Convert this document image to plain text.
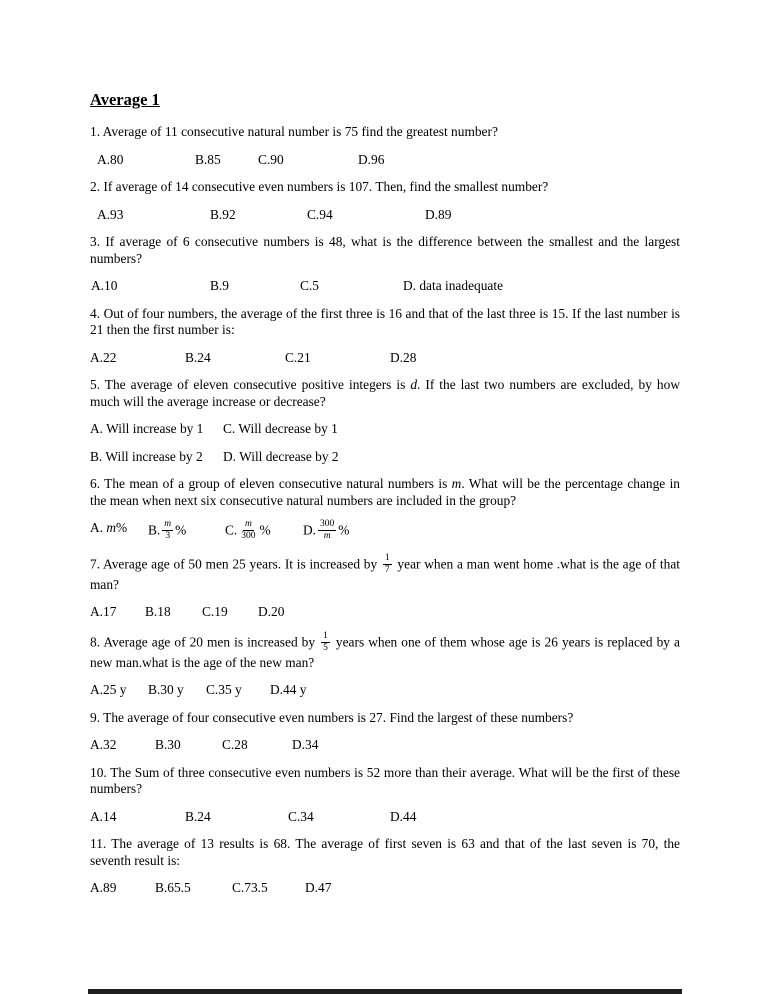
Average 1

1. Average of 11 consecutive natural number is 75 find the greatest number?

A.80	B.85	C.90	D.96

2. If average of 14 consecutive even numbers is 107. Then, find the smallest number?

A.93	B.92	C.94	D.89

3. If average of 6 consecutive numbers is 48, what is the difference between the smallest and the largest numbers?

A.10	B.9	C.5	D. data inadequate

4. Out of four numbers, the average of the first three is 16 and that of the last three is 15. If the last number is 21 then the first number is:

A.22	B.24	C.21	D.28

5. The average of eleven consecutive positive integers is d. If the last two numbers are excluded, by how much will the average increase or decrease?

A. Will increase by 1 C. Will decrease by 1

B. Will increase by 2 D. Will decrease by 2

6. The mean of a group of eleven consecutive natural numbers is m. What will be the percentage change in the mean when next six consecutive natural numbers are included in the group?

A. m% B. $\frac{m}{3}$ %	C. $\frac{m}{300}$ % D. $\frac{300}{m}$ %

7. Average age of 50 men 25 years. It is increased by $\frac{1}{7}$ year when a man went home .what is the age of that man?

A.17 B.18 C.19 D.20

8. Average age of 20 men is increased by $\frac{1}{5}$ years when one of them whose age is 26 years is replaced by a new man.what is the age of the new man?

A.25 y B.30 y C.35 y D.44 y

9. The average of four consecutive even numbers is 27. Find the largest of these numbers?

A.32	B.30	C.28	D.34

10. The Sum of three consecutive even numbers is 52 more than their average. What will be the first of these numbers?

A.14	B.24	C.34	D.44

11. The average of 13 results is 68. The average of first seven is 63 and that of the last seven is 70, the seventh result is:

A.89	B.65.5	C.73.5	D.47
